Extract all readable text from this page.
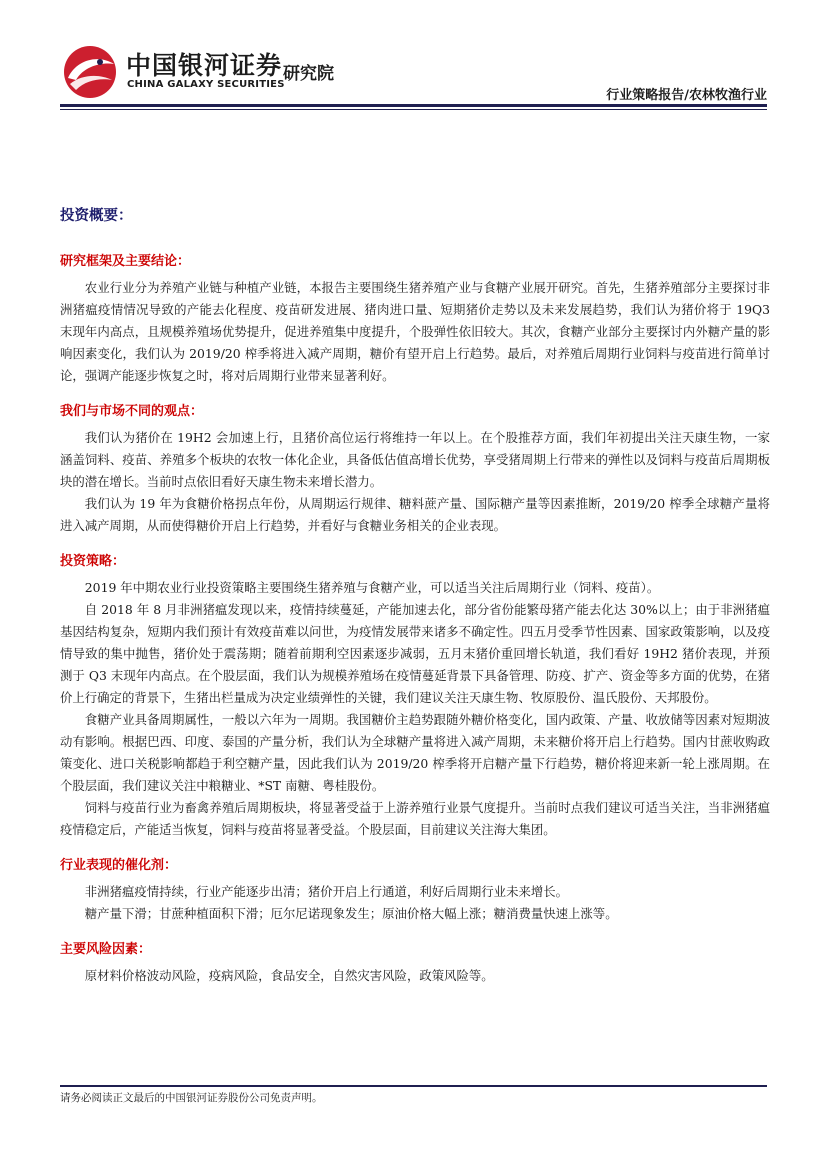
中国银河证券
CHINA GALAXY SECURITIES
研究院
行业策略报告/农林牧渔行业
投资概要：
研究框架及主要结论：

农业行业分为养殖产业链与种植产业链，本报告主要围绕生猪养殖产业与食糖产业展开研究。首先，生猪养殖部分主要探讨非洲猪瘟疫情情况导致的产能去化程度、疫苗研发进展、猪肉进口量、短期猪价走势以及未来发展趋势，我们认为猪价将于 19Q3 末现年内高点，且规模养殖场优势提升，促进养殖集中度提升，个股弹性依旧较大。其次，食糖产业部分主要探讨内外糖产量的影响因素变化，我们认为 2019/20 榨季将进入减产周期，糖价有望开启上行趋势。最后，对养殖后周期行业饲料与疫苗进行简单讨论，强调产能逐步恢复之时，将对后周期行业带来显著利好。

我们与市场不同的观点：

我们认为猪价在 19H2 会加速上行，且猪价高位运行将维持一年以上。在个股推荐方面，我们年初提出关注天康生物，一家涵盖饲料、疫苗、养殖多个板块的农牧一体化企业，具备低估值高增长优势，享受猪周期上行带来的弹性以及饲料与疫苗后周期板块的潜在增长。当前时点依旧看好天康生物未来增长潜力。

我们认为 19 年为食糖价格拐点年份，从周期运行规律、糖料蔗产量、国际糖产量等因素推断，2019/20 榨季全球糖产量将进入减产周期，从而使得糖价开启上行趋势，并看好与食糖业务相关的企业表现。

投资策略：

2019 年中期农业行业投资策略主要围绕生猪养殖与食糖产业，可以适当关注后周期行业（饲料、疫苗）。

自 2018 年 8 月非洲猪瘟发现以来，疫情持续蔓延，产能加速去化，部分省份能繁母猪产能去化达 30%以上；由于非洲猪瘟基因结构复杂，短期内我们预计有效疫苗难以问世，为疫情发展带来诸多不确定性。四五月受季节性因素、国家政策影响，以及疫情导致的集中抛售，猪价处于震荡期；随着前期利空因素逐步减弱，五月末猪价重回增长轨道，我们看好 19H2 猪价表现，并预测于 Q3 末现年内高点。在个股层面，我们认为规模养殖场在疫情蔓延背景下具备管理、防疫、扩产、资金等多方面的优势，在猪价上行确定的背景下，生猪出栏量成为决定业绩弹性的关键，我们建议关注天康生物、牧原股份、温氏股份、天邦股份。

食糖产业具备周期属性，一般以六年为一周期。我国糖价主趋势跟随外糖价格变化，国内政策、产量、收放储等因素对短期波动有影响。根据巴西、印度、泰国的产量分析，我们认为全球糖产量将进入减产周期，未来糖价将开启上行趋势。国内甘蔗收购政策变化、进口关税影响都趋于利空糖产量，因此我们认为 2019/20 榨季将开启糖产量下行趋势，糖价将迎来新一轮上涨周期。在个股层面，我们建议关注中粮糖业、*ST 南糖、粤桂股份。

饲料与疫苗行业为畜禽养殖后周期板块，将显著受益于上游养殖行业景气度提升。当前时点我们建议可适当关注，当非洲猪瘟疫情稳定后，产能适当恢复，饲料与疫苗将显著受益。个股层面，目前建议关注海大集团。

行业表现的催化剂：

非洲猪瘟疫情持续，行业产能逐步出清；猪价开启上行通道，利好后周期行业未来增长。

糖产量下滑；甘蔗种植面积下滑；厄尔尼诺现象发生；原油价格大幅上涨；糖消费量快速上涨等。

主要风险因素：

原材料价格波动风险，疫病风险，食品安全，自然灾害风险，政策风险等。

请务必阅读正文最后的中国银河证券股份公司免责声明。
